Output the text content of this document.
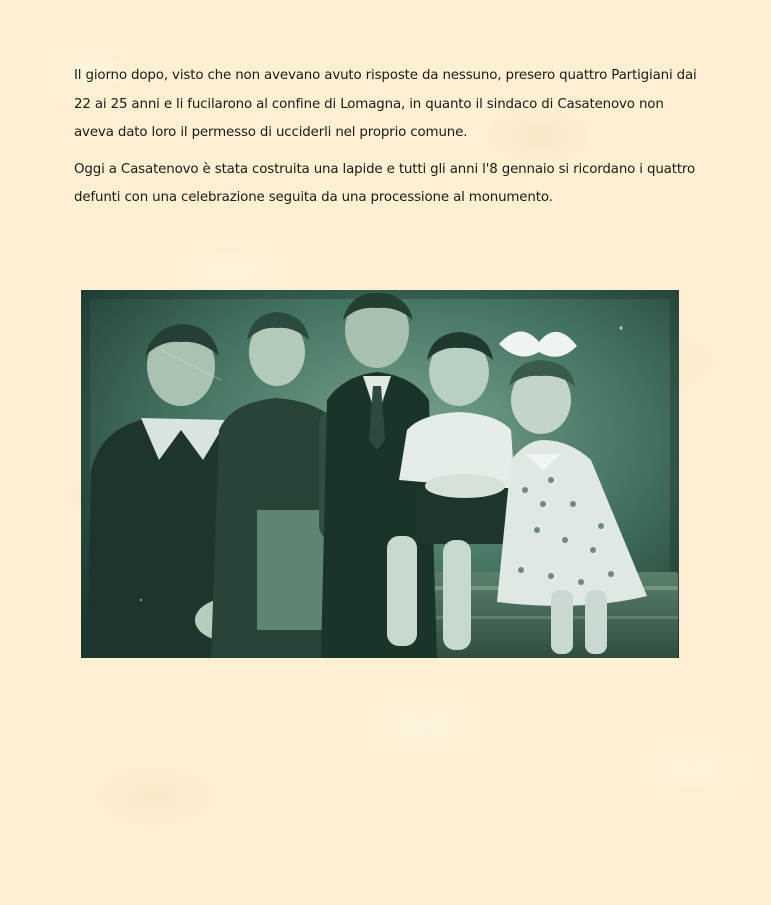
Il giorno dopo, visto che non avevano avuto risposte da nessuno, presero quattro Partigiani dai 22 ai 25 anni e li fucilarono al confine di Lomagna, in quanto il sindaco di Casatenovo non aveva dato loro il permesso di ucciderli nel proprio comune.

Oggi a Casatenovo è stata costruita una lapide e tutti gli anni l'8 gennaio si ricordano i quattro defunti con una celebrazione seguita da una processione al monumento.
